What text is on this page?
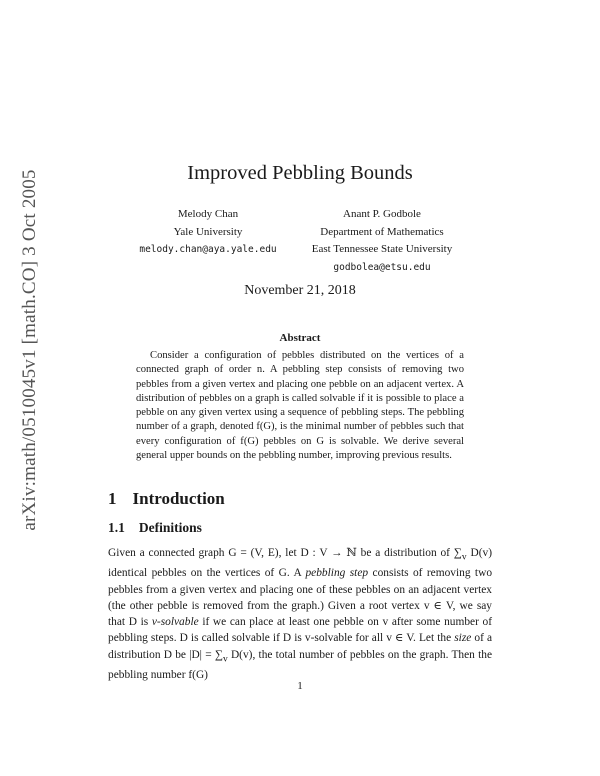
arXiv:math/0510045v1 [math.CO] 3 Oct 2005	Improved Pebbling Bounds
Melody Chan
Yale University
melody.chan@aya.yale.edu
Anant P. Godbole
Department of Mathematics
East Tennessee State University
godbolea@etsu.edu
November 21, 2018
Abstract

Consider a configuration of pebbles distributed on the vertices of a connected graph of order n. A pebbling step consists of removing two pebbles from a given vertex and placing one pebble on an adjacent vertex. A distribution of pebbles on a graph is called solvable if it is possible to place a pebble on any given vertex using a sequence of pebbling steps. The pebbling number of a graph, denoted f(G), is the minimal number of pebbles such that every configuration of f(G) pebbles on G is solvable. We derive several general upper bounds on the pebbling number, improving previous results.

1 Introduction
1.1 Definitions

Given a connected graph G = (V, E), let D : V → ℕ be a distribution of $\sum_v$ D(v) identical pebbles on the vertices of G. A pebbling step consists of removing two pebbles from a given vertex and placing one of these pebbles on an adjacent vertex (the other pebble is removed from the graph.) Given a root vertex v ∈ V, we say that D is v-solvable if we can place at least one pebble on v after some number of pebbling steps. D is called solvable if D is v-solvable for all v ∈ V. Let the size of a distribution D be $|D| = \sum_v$ D(v), the total number of pebbles on the graph. Then the pebbling number f(G)

1
